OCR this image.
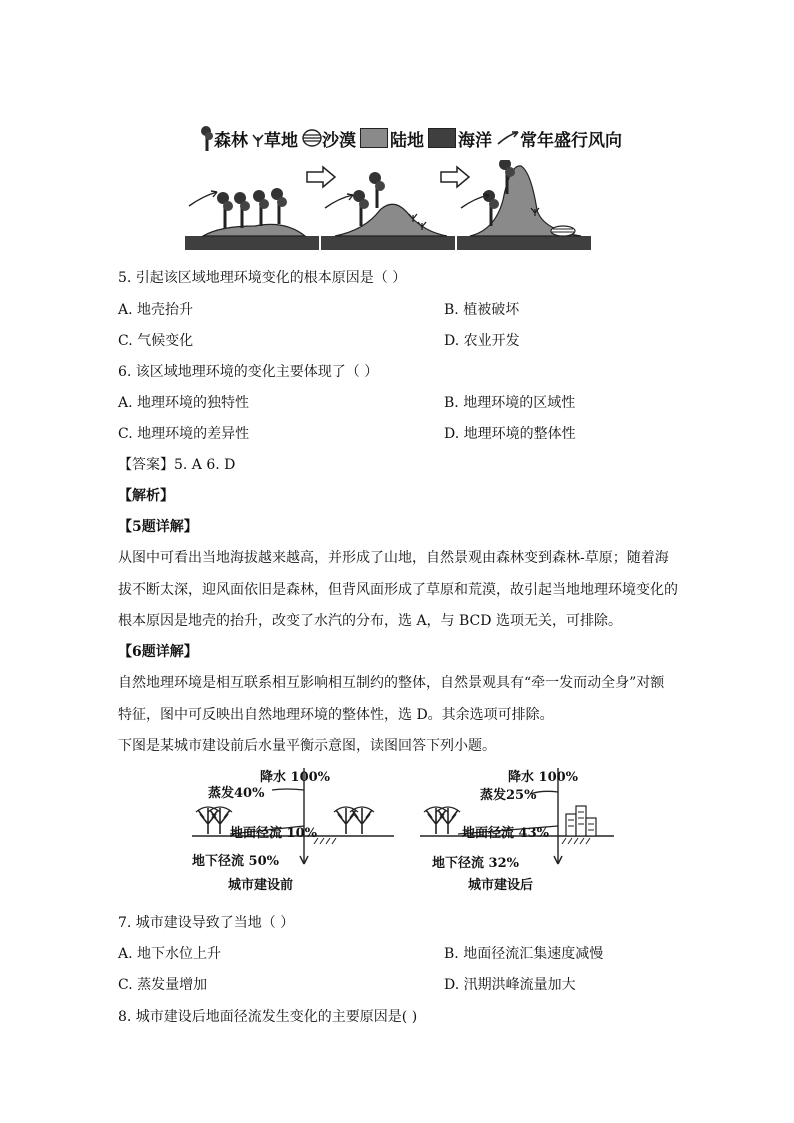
森林 草地 沙漠 陆地 海洋 常年盛行风向
5. 引起该区域地理环境变化的根本原因是（ ）
A. 地壳抬升	B. 植被破坏
C. 气候变化	D. 农业开发
6. 该区域地理环境的变化主要体现了（ ）
A. 地理环境的独特性	B. 地理环境的区域性
C. 地理环境的差异性	D. 地理环境的整体性
【答案】5. A 6. D
【解析】
【5题详解】
从图中可看出当地海拔越来越高，并形成了山地，自然景观由森林变到森林-草原；随着海
拔不断太深，迎风面依旧是森林，但背风面形成了草原和荒漠，故引起当地地理环境变化的
根本原因是地壳的抬升，改变了水汽的分布，选 A，与 BCD 选项无关，可排除。
【6题详解】
自然地理环境是相互联系相互影响相互制约的整体，自然景观具有“牵一发而动全身”对额
特征，图中可反映出自然地理环境的整体性，选 D。其余选项可排除。
下图是某城市建设前后水量平衡示意图，读图回答下列小题。
降水 100%
蒸发40%
地面径流 10%
地下径流 50%
城市建设前
降水 100%
蒸发25%
地面径流 43%
地下径流 32%
城市建设后
7. 城市建设导致了当地（ ）
A. 地下水位上升	B. 地面径流汇集速度减慢
C. 蒸发量增加	D. 汛期洪峰流量加大
8. 城市建设后地面径流发生变化的主要原因是( )
